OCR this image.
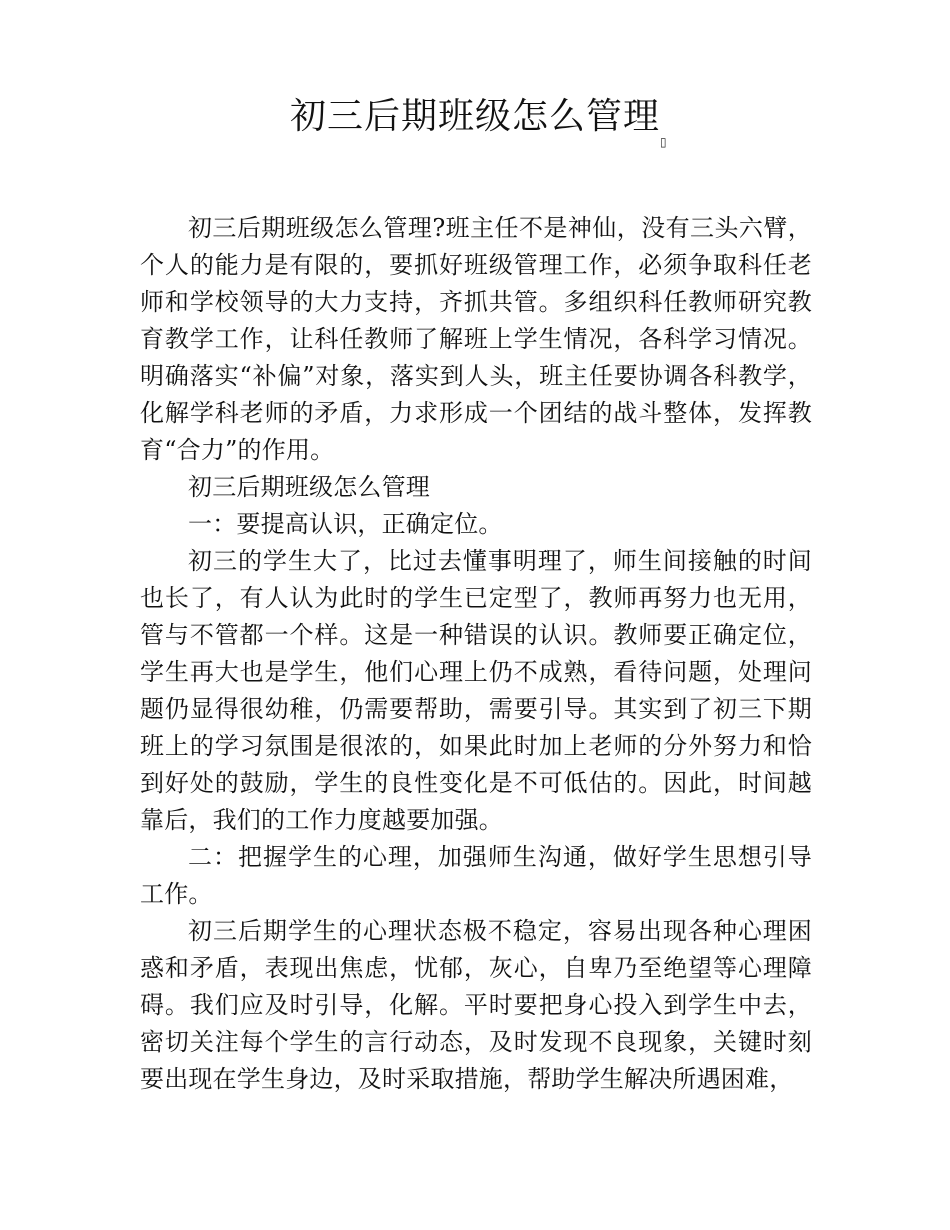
初三后期班级怎么管理
▯

初三后期班级怎么管理?班主任不是神仙，没有三头六臂，个人的能力是有限的，要抓好班级管理工作，必须争取科任老师和学校领导的大力支持，齐抓共管。多组织科任教师研究教育教学工作，让科任教师了解班上学生情况，各科学习情况。明确落实“补偏”对象，落实到人头，班主任要协调各科教学，化解学科老师的矛盾，力求形成一个团结的战斗整体，发挥教育“合力”的作用。

初三后期班级怎么管理

一：要提高认识，正确定位。

初三的学生大了，比过去懂事明理了，师生间接触的时间也长了，有人认为此时的学生已定型了，教师再努力也无用，管与不管都一个样。这是一种错误的认识。教师要正确定位，学生再大也是学生，他们心理上仍不成熟，看待问题，处理问题仍显得很幼稚，仍需要帮助，需要引导。其实到了初三下期班上的学习氛围是很浓的，如果此时加上老师的分外努力和恰到好处的鼓励，学生的良性变化是不可低估的。因此，时间越靠后，我们的工作力度越要加强。

二：把握学生的心理，加强师生沟通，做好学生思想引导工作。

初三后期学生的心理状态极不稳定，容易出现各种心理困惑和矛盾，表现出焦虑，忧郁，灰心，自卑乃至绝望等心理障碍。我们应及时引导，化解。平时要把身心投入到学生中去，密切关注每个学生的言行动态，及时发现不良现象，关键时刻要出现在学生身边，及时采取措施，帮助学生解决所遇困难，
